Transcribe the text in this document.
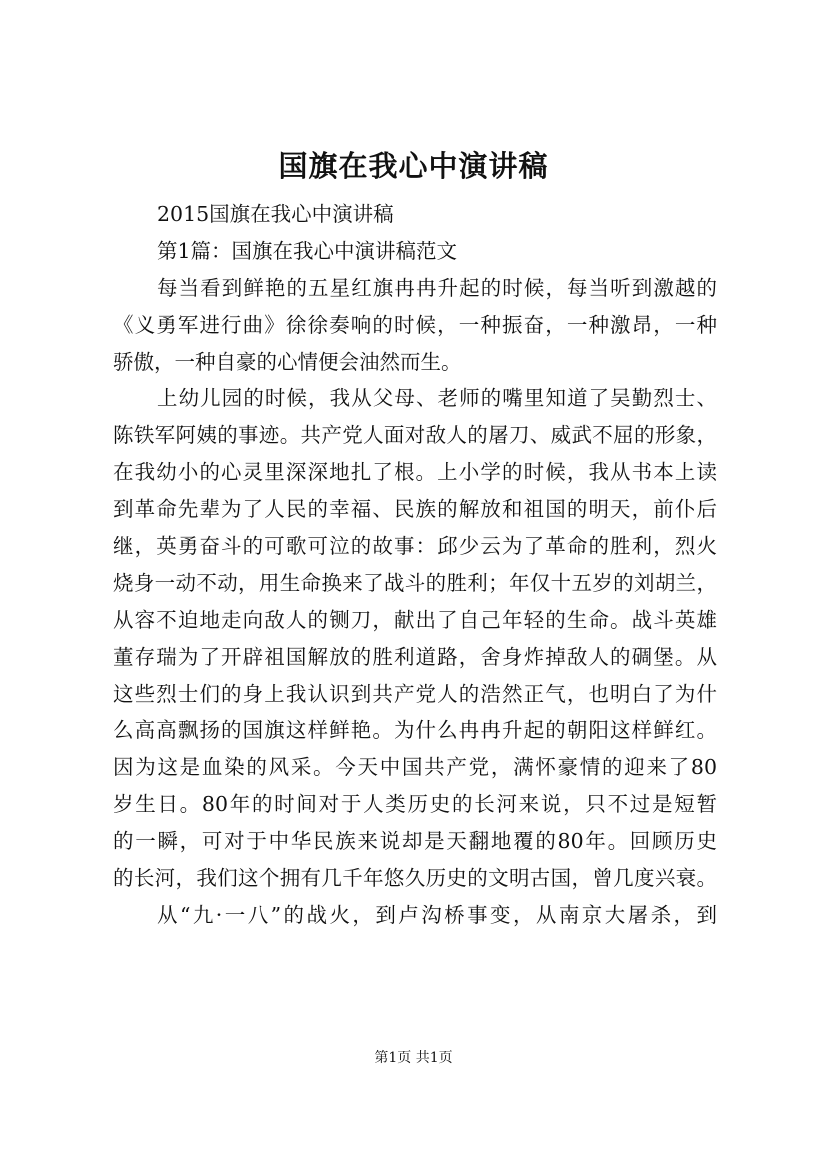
国旗在我心中演讲稿
2015国旗在我心中演讲稿
第1篇：国旗在我心中演讲稿范文
每当看到鲜艳的五星红旗冉冉升起的时候，每当听到激越的
《义勇军进行曲》徐徐奏响的时候，一种振奋，一种激昂，一种
骄傲，一种自豪的心情便会油然而生。
上幼儿园的时候，我从父母、老师的嘴里知道了吴勤烈士、
陈铁军阿姨的事迹。共产党人面对敌人的屠刀、威武不屈的形象，
在我幼小的心灵里深深地扎了根。上小学的时候，我从书本上读
到革命先辈为了人民的幸福、民族的解放和祖国的明天，前仆后
继，英勇奋斗的可歌可泣的故事：邱少云为了革命的胜利，烈火
烧身一动不动，用生命换来了战斗的胜利；年仅十五岁的刘胡兰，
从容不迫地走向敌人的铡刀，献出了自己年轻的生命。战斗英雄
董存瑞为了开辟祖国解放的胜利道路，舍身炸掉敌人的碉堡。从
这些烈士们的身上我认识到共产党人的浩然正气，也明白了为什
么高高飘扬的国旗这样鲜艳。为什么冉冉升起的朝阳这样鲜红。
因为这是血染的风采。今天中国共产党，满怀豪情的迎来了80
岁生日。80年的时间对于人类历史的长河来说，只不过是短暂
的一瞬，可对于中华民族来说却是天翻地覆的80年。回顾历史
的长河，我们这个拥有几千年悠久历史的文明古国，曾几度兴衰。
从“九·一八”的战火，到卢沟桥事变，从南京大屠杀，到
第1页 共1页
